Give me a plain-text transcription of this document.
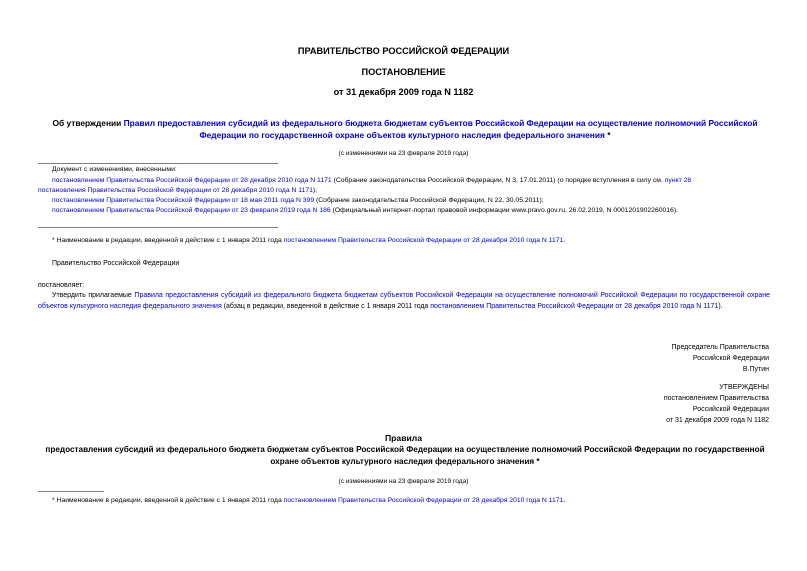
ПРАВИТЕЛЬСТВО РОССИЙСКОЙ ФЕДЕРАЦИИ
ПОСТАНОВЛЕНИЕ
от 31 декабря 2009 года N 1182
Об утверждении Правил предоставления субсидий из федерального бюджета бюджетам субъектов Российской Федерации на осуществление полномочий Российской Федерации по государственной охране объектов культурного наследия федерального значения *
(с изменениями на 23 февраля 2019 года)
Документ с изменениями, внесенными:
постановлением Правительства Российской Федерации от 28 декабря 2010 года N 1171 (Собрание законодательства Российской Федерации, N 3, 17.01.2011) (о порядке вступления в силу см. пункт 28
постановления Правительства Российской Федерации от 28 декабря 2010 года N 1171);
постановлением Правительства Российской Федерации от 18 мая 2011 года N 399 (Собрание законодательства Российской Федерации, N 22, 30.05.2011);
постановлением Правительства Российской Федерации от 23 февраля 2019 года N 186 (Официальный интернет-портал правовой информации www.pravo.gov.ru, 26.02.2019, N 0001201902260016).
* Наименование в редакции, введенной в действие с 1 января 2011 года постановлением Правительства Российской Федерации от 28 декабря 2010 года N 1171.
Правительство Российской Федерации
постановляет:
Утвердить прилагаемые Правила предоставления субсидий из федерального бюджета бюджетам субъектов Российской Федерации на осуществление полномочий Российской Федерации по государственной охране объектов культурного наследия федерального значения (абзац в редакции, введенной в действие с 1 января 2011 года постановлением Правительства Российской Федерации от 28 декабря 2010 года N 1171).
Председатель Правительства
Российской Федерации
В.Путин
УТВЕРЖДЕНЫ
постановлением Правительства
Российской Федерации
от 31 декабря 2009 года N 1182
Правила
предоставления субсидий из федерального бюджета бюджетам субъектов Российской Федерации на осуществление полномочий Российской Федерации по государственной охране объектов культурного наследия федерального значения *
(с изменениями на 23 февраля 2019 года)
* Наименование в редакции, введенной в действие с 1 января 2011 года постановлением Правительства Российской Федерации от 28 декабря 2010 года N 1171.
